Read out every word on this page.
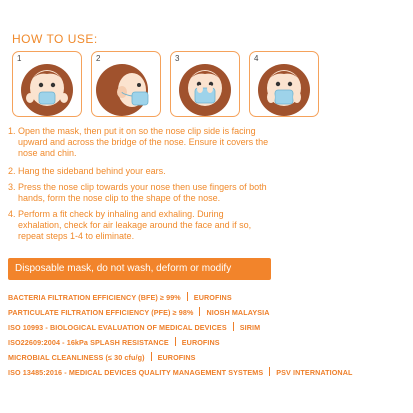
HOW TO USE:
1	2	3	4
1. Open the mask, then put it on so the nose clip side is facing
upward and across the bridge of the nose. Ensure it covers the
nose and chin.
2. Hang the sideband behind your ears.
3. Press the nose clip towards your nose then use fingers of both
hands, form the nose clip to the shape of the nose.
4. Perform a fit check by inhaling and exhaling. During
exhalation, check for air leakage around the face and if so,
repeat steps 1-4 to eliminate.
Disposable mask, do not wash, deform or modify
BACTERIA FILTRATION EFFICIENCY (BFE) ≥ 99% EUROFINS
PARTICULATE FILTRATION EFFICIENCY (PFE) ≥ 98% NIOSH MALAYSIA
ISO 10993 - BIOLOGICAL EVALUATION OF MEDICAL DEVICES SIRIM
ISO22609:2004 - 16kPa SPLASH RESISTANCE EUROFINS
MICROBIAL CLEANLINESS (≤ 30 cfu/g) EUROFINS
ISO 13485:2016 - MEDICAL DEVICES QUALITY MANAGEMENT SYSTEMS PSV INTERNATIONAL
